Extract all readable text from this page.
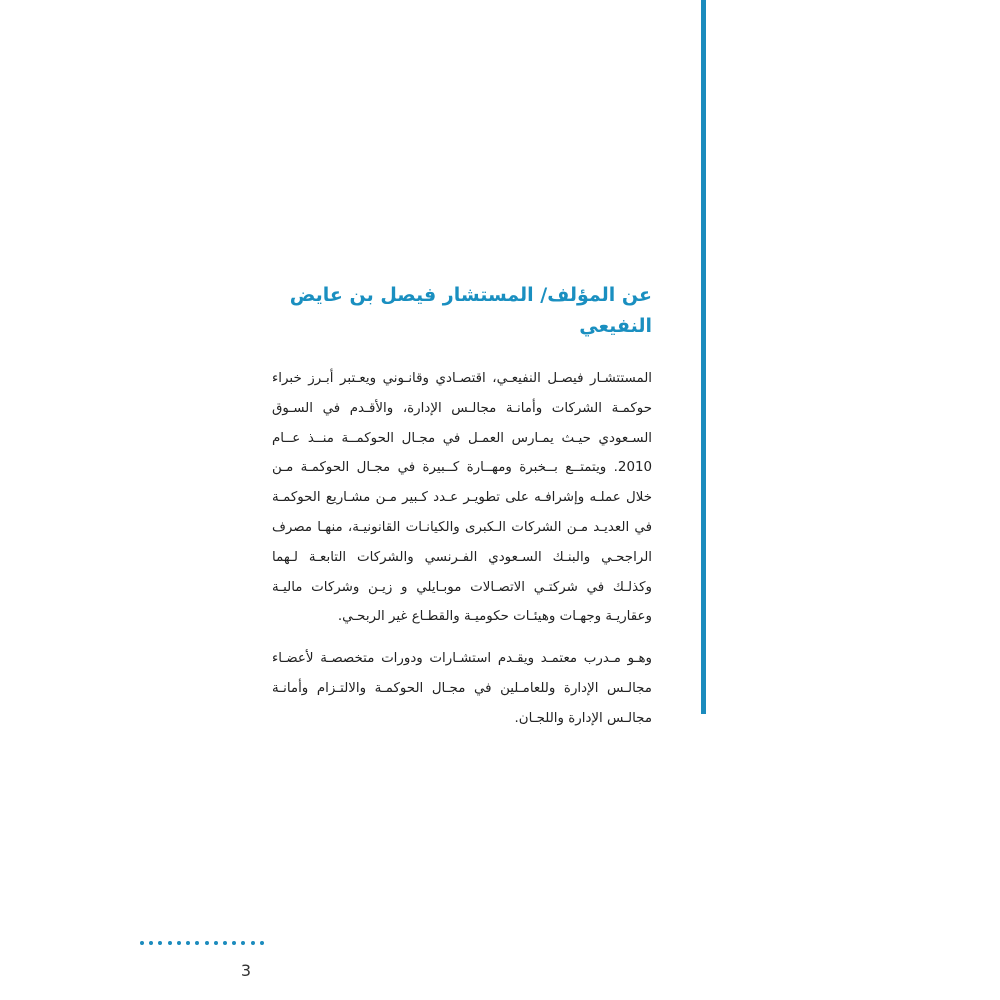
عن المؤلف/ المستشار فيصل بن عايض النفيعي

المستتشـار فيصـل النفيعـي، اقتصـادي وقانـوني ويعـتبر أبـرز خبراء حوكمـة الشركات وأمانـة مجالـس الإدارة، والأقـدم في السـوق السـعودي حيـث يمـارس العمـل في مجـال الحوكمــة منــذ عــام 2010. ويتمتــع بــخبرة ومهــارة كــبيرة في مجـال الحوكمـة مـن خلال عملـه وإشرافـه على تطويـر عـدد كـبير مـن مشـاريع الحوكمـة في العديـد مـن الشركات الـكبرى والكيانـات القانونيـة، منهـا مصرف الراجحـي والبنـك السـعودي الفـرنسي والشركات التابعـة لـهما وكذلـك في شركتـي الاتصـالات موبـايلي و زيـن وشركات ماليـة وعقاريـة وجهـات وهيئـات حكوميـة والقطـاع غير الربحـي.

وهـو مـدرب معتمـد ويقـدم استشـارات ودورات متخصصـة لأعضـاء مجالـس الإدارة وللعامـلين في مجـال الحوكمـة والالتـزام وأمانـة مجالـس الإدارة واللجـان.

3
